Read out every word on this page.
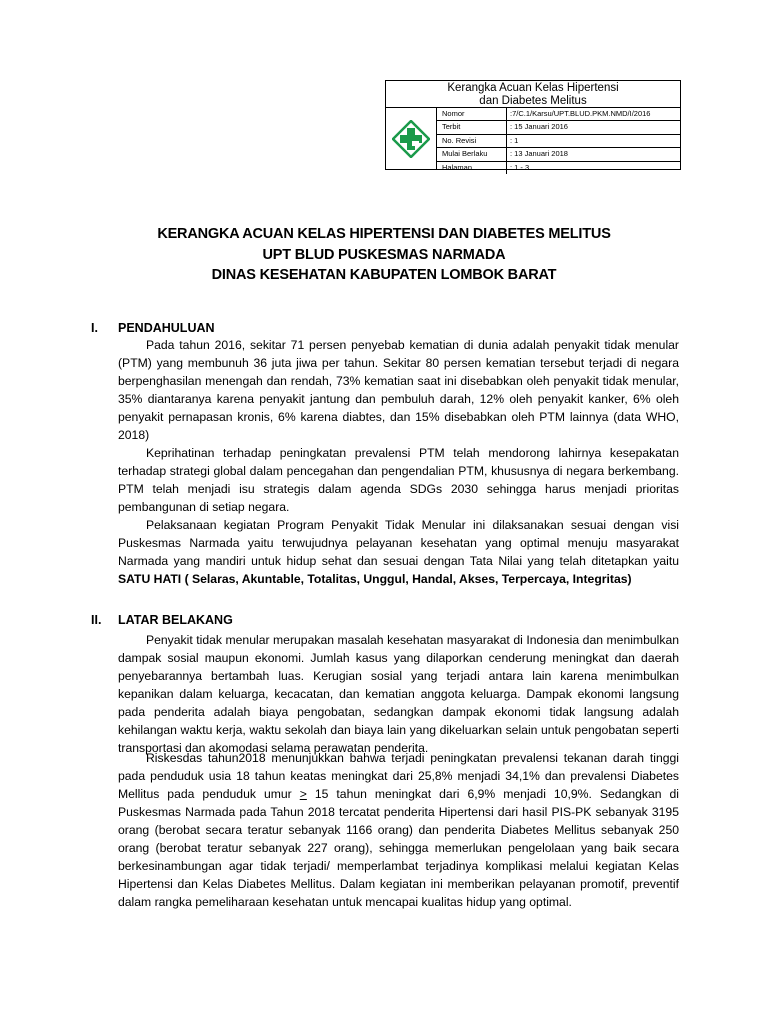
Kerangka Acuan Kelas Hipertensi
dan Diabetes Melitus
Nomor	:7/C.1/Karsu/UPT.BLUD.PKM.NMD/I/2016
Terbit	: 15 Januari 2016
No. Revisi	: 1
Mulai Berlaku	: 13 Januari 2018
Halaman	: 1 - 3
KERANGKA ACUAN KELAS HIPERTENSI DAN DIABETES MELITUS
UPT BLUD PUSKESMAS NARMADA
DINAS KESEHATAN KABUPATEN LOMBOK BARAT
I. PENDAHULUAN
Pada tahun 2016, sekitar 71 persen penyebab kematian di dunia adalah penyakit tidak menular (PTM) yang membunuh 36 juta jiwa per tahun. Sekitar 80 persen kematian tersebut terjadi di negara berpenghasilan menengah dan rendah, 73% kematian saat ini disebabkan oleh penyakit tidak menular, 35% diantaranya karena penyakit jantung dan pembuluh darah, 12% oleh penyakit kanker, 6% oleh penyakit pernapasan kronis, 6% karena diabtes, dan 15% disebabkan oleh PTM lainnya (data WHO, 2018)
Keprihatinan terhadap peningkatan prevalensi PTM telah mendorong lahirnya kesepakatan terhadap strategi global dalam pencegahan dan pengendalian PTM, khususnya di negara berkembang. PTM telah menjadi isu strategis dalam agenda SDGs 2030 sehingga harus menjadi prioritas pembangunan di setiap negara.
Pelaksanaan kegiatan Program Penyakit Tidak Menular ini dilaksanakan sesuai dengan visi Puskesmas Narmada yaitu terwujudnya pelayanan kesehatan yang optimal menuju masyarakat Narmada yang mandiri untuk hidup sehat dan sesuai dengan Tata Nilai yang telah ditetapkan yaitu SATU HATI ( Selaras, Akuntable, Totalitas, Unggul, Handal, Akses, Terpercaya, Integritas)
II. LATAR BELAKANG
Penyakit tidak menular merupakan masalah kesehatan masyarakat di Indonesia dan menimbulkan dampak sosial maupun ekonomi. Jumlah kasus yang dilaporkan cenderung meningkat dan daerah penyebarannya bertambah luas. Kerugian sosial yang terjadi antara lain karena menimbulkan kepanikan dalam keluarga, kecacatan, dan kematian anggota keluarga. Dampak ekonomi langsung pada penderita adalah biaya pengobatan, sedangkan dampak ekonomi tidak langsung adalah kehilangan waktu kerja, waktu sekolah dan biaya lain yang dikeluarkan selain untuk pengobatan seperti transportasi dan akomodasi selama perawatan penderita.
Riskesdas tahun2018 menunjukkan bahwa terjadi peningkatan prevalensi tekanan darah tinggi pada penduduk usia 18 tahun keatas meningkat dari 25,8% menjadi 34,1% dan prevalensi Diabetes Mellitus pada penduduk umur ≥ 15 tahun meningkat dari 6,9% menjadi 10,9%. Sedangkan di Puskesmas Narmada pada Tahun 2018 tercatat penderita Hipertensi dari hasil PIS-PK sebanyak 3195 orang (berobat secara teratur sebanyak 1166 orang) dan penderita Diabetes Mellitus sebanyak 250 orang (berobat teratur sebanyak 227 orang), sehingga memerlukan pengelolaan yang baik secara berkesinambungan agar tidak terjadi/ memperlambat terjadinya komplikasi melalui kegiatan Kelas Hipertensi dan Kelas Diabetes Mellitus. Dalam kegiatan ini memberikan pelayanan promotif, preventif dalam rangka pemeliharaan kesehatan untuk mencapai kualitas hidup yang optimal.
